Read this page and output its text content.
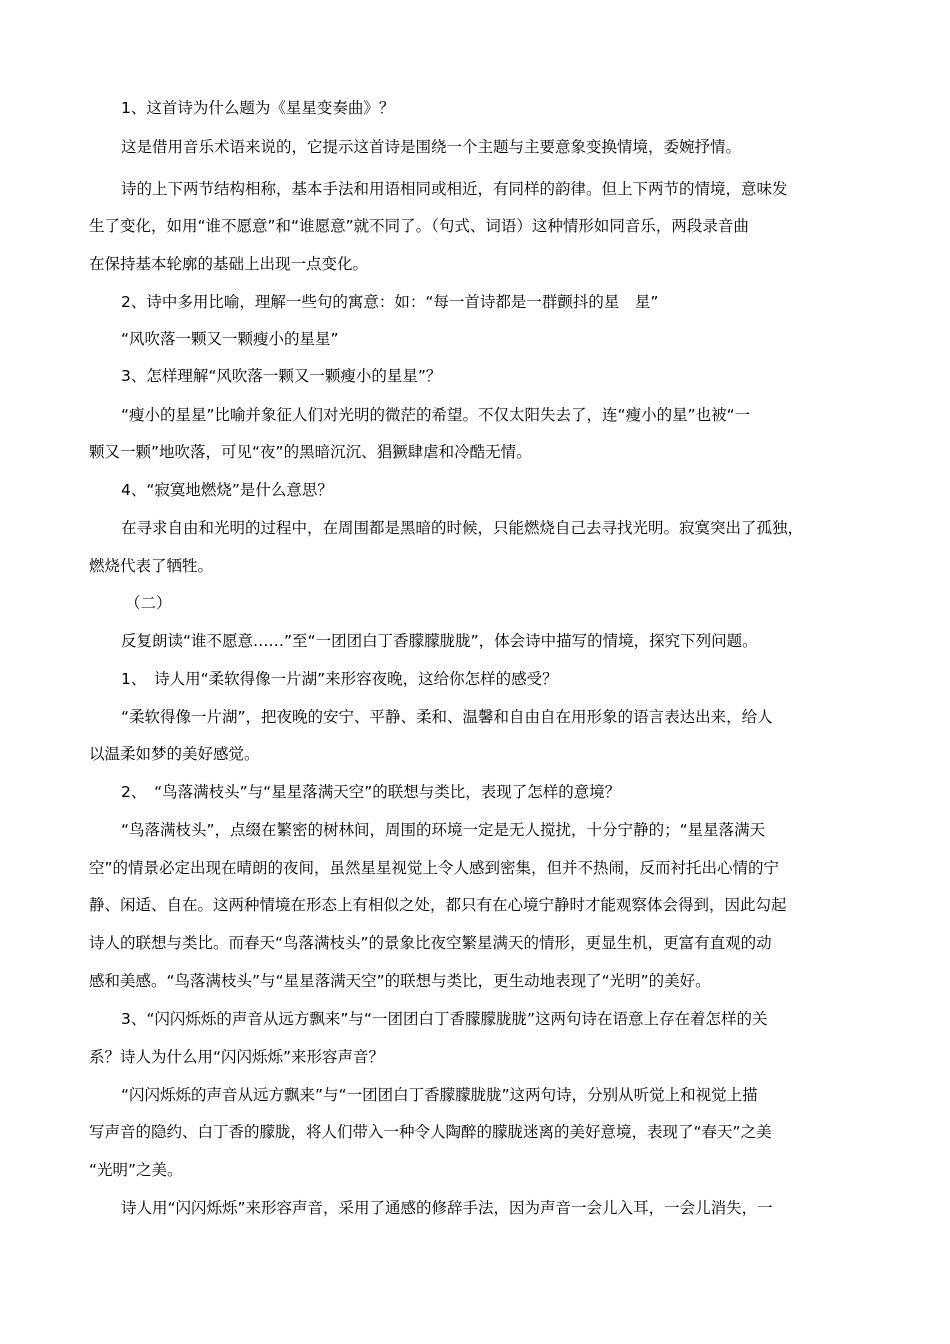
1、这首诗为什么题为《星星变奏曲》？
这是借用音乐术语来说的，它提示这首诗是围绕一个主题与主要意象变换情境，委婉抒情。
诗的上下两节结构相称，基本手法和用语相同或相近，有同样的韵律。但上下两节的情境，意味发
生了变化，如用“谁不愿意”和“谁愿意”就不同了。（句式、词语）这种情形如同音乐，两段录音曲
在保持基本轮廓的基础上出现一点变化。
2、诗中多用比喻，理解一些句的寓意：如：“每一首诗都是一群颤抖的星　星”
“风吹落一颗又一颗瘦小的星星”
3、怎样理解“风吹落一颗又一颗瘦小的星星”？
“瘦小的星星”比喻并象征人们对光明的微茫的希望。不仅太阳失去了，连“瘦小的星”也被“一
颗又一颗”地吹落，可见“夜”的黑暗沉沉、猖獗肆虐和冷酷无情。
4、“寂寞地燃烧”是什么意思？
在寻求自由和光明的过程中，在周围都是黑暗的时候，只能燃烧自己去寻找光明。寂寞突出了孤独，
燃烧代表了牺牲。
（二）
反复朗读“谁不愿意……”至“一团团白丁香朦朦胧胧”，体会诗中描写的情境，探究下列问题。
1、　诗人用“柔软得像一片湖”来形容夜晚，这给你怎样的感受？
“柔软得像一片湖”，把夜晚的安宁、平静、柔和、温馨和自由自在用形象的语言表达出来，给人
以温柔如梦的美好感觉。
2、　“鸟落满枝头”与“星星落满天空”的联想与类比，表现了怎样的意境？
“鸟落满枝头”，点缀在繁密的树林间，周围的环境一定是无人搅扰，十分宁静的；“星星落满天
空”的情景必定出现在晴朗的夜间，虽然星星视觉上令人感到密集，但并不热闹，反而衬托出心情的宁
静、闲适、自在。这两种情境在形态上有相似之处，都只有在心境宁静时才能观察体会得到，因此勾起
诗人的联想与类比。而春天“鸟落满枝头”的景象比夜空繁星满天的情形，更显生机，更富有直观的动
感和美感。“鸟落满枝头”与“星星落满天空”的联想与类比，更生动地表现了“光明”的美好。
3、“闪闪烁烁的声音从远方飘来”与“一团团白丁香朦朦胧胧”这两句诗在语意上存在着怎样的关
系？诗人为什么用“闪闪烁烁”来形容声音？
“闪闪烁烁的声音从远方飘来”与“一团团白丁香朦朦胧胧”这两句诗，分别从听觉上和视觉上描
写声音的隐约、白丁香的朦胧，将人们带入一种令人陶醉的朦胧迷离的美好意境，表现了“春天”之美
“光明”之美。
诗人用“闪闪烁烁”来形容声音，采用了通感的修辞手法，因为声音一会儿入耳，一会儿消失，一
